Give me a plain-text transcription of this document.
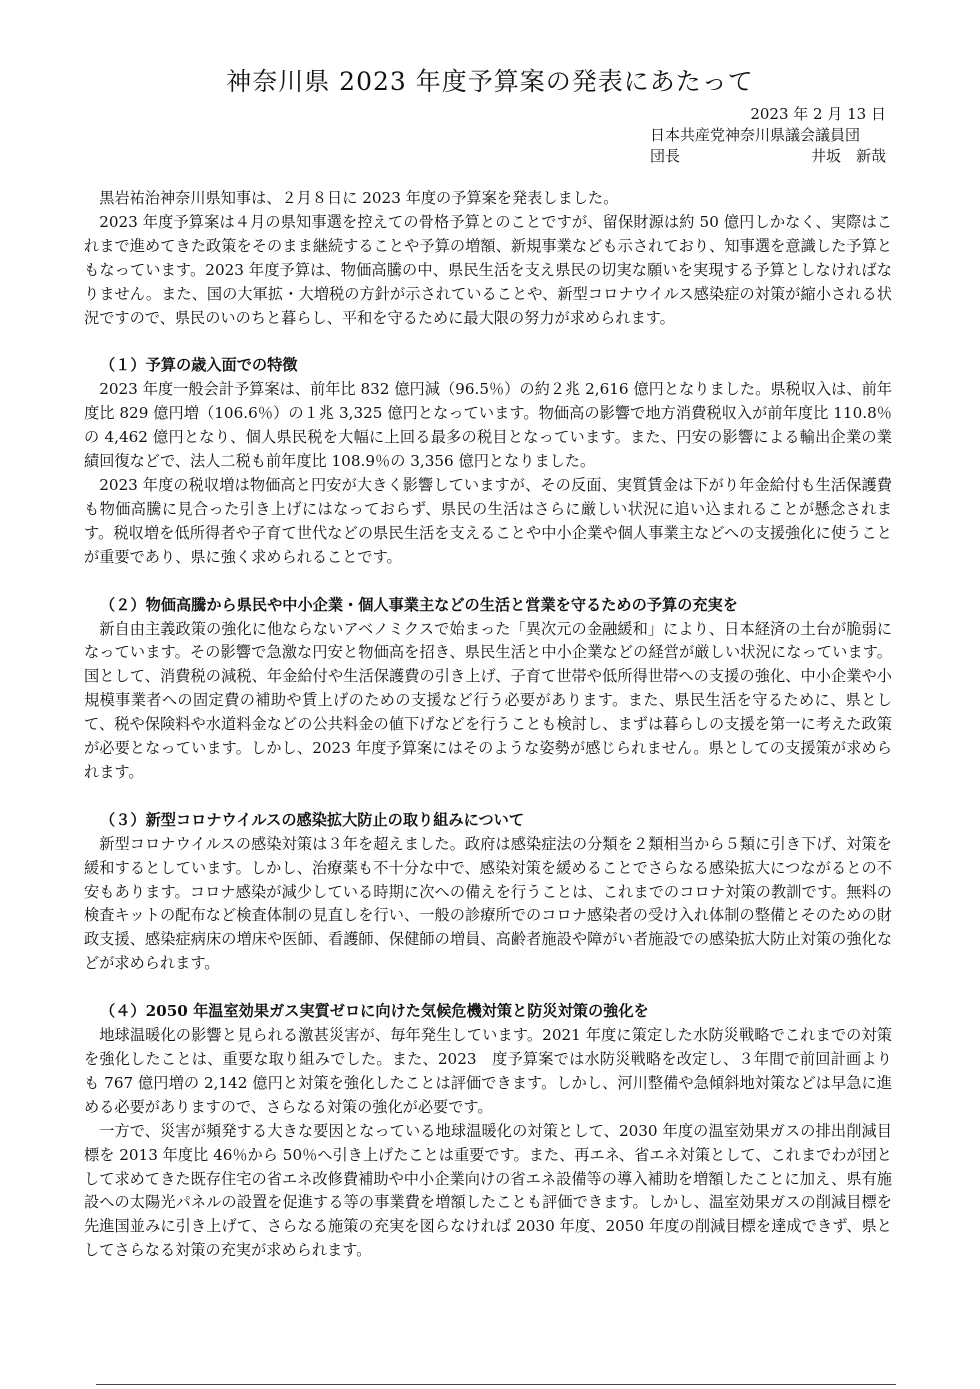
神奈川県 2023 年度予算案の発表にあたって
2023 年 2 月 13 日
日本共産党神奈川県議会議員団
団長	井坂　新哉

黒岩祐治神奈川県知事は、２月８日に 2023 年度の予算案を発表しました。

2023 年度予算案は４月の県知事選を控えての骨格予算とのことですが、留保財源は約 50 億円しかなく、実際はこれまで進めてきた政策をそのまま継続することや予算の増額、新規事業なども示されており、知事選を意識した予算ともなっています。2023 年度予算は、物価高騰の中、県民生活を支え県民の切実な願いを実現する予算としなければなりません。また、国の大軍拡・大増税の方針が示されていることや、新型コロナウイルス感染症の対策が縮小される状況ですので、県民のいのちと暮らし、平和を守るために最大限の努力が求められます。

（１）予算の歳入面での特徴

2023 年度一般会計予算案は、前年比 832 億円減（96.5％）の約２兆 2,616 億円となりました。県税収入は、前年度比 829 億円増（106.6％）の１兆 3,325 億円となっています。物価高の影響で地方消費税収入が前年度比 110.8％の 4,462 億円となり、個人県民税を大幅に上回る最多の税目となっています。また、円安の影響による輸出企業の業績回復などで、法人二税も前年度比 108.9％の 3,356 億円となりました。

2023 年度の税収増は物価高と円安が大きく影響していますが、その反面、実質賃金は下がり年金給付も生活保護費も物価高騰に見合った引き上げにはなっておらず、県民の生活はさらに厳しい状況に追い込まれることが懸念されます。税収増を低所得者や子育て世代などの県民生活を支えることや中小企業や個人事業主などへの支援強化に使うことが重要であり、県に強く求められることです。

（２）物価高騰から県民や中小企業・個人事業主などの生活と営業を守るための予算の充実を

新自由主義政策の強化に他ならないアベノミクスで始まった「異次元の金融緩和」により、日本経済の土台が脆弱になっています。その影響で急激な円安と物価高を招き、県民生活と中小企業などの経営が厳しい状況になっています。国として、消費税の減税、年金給付や生活保護費の引き上げ、子育て世帯や低所得世帯への支援の強化、中小企業や小規模事業者への固定費の補助や賃上げのための支援など行う必要があります。また、県民生活を守るために、県として、税や保険料や水道料金などの公共料金の値下げなどを行うことも検討し、まずは暮らしの支援を第一に考えた政策が必要となっています。しかし、2023 年度予算案にはそのような姿勢が感じられません。県としての支援策が求められます。

（３）新型コロナウイルスの感染拡大防止の取り組みについて

新型コロナウイルスの感染対策は３年を超えました。政府は感染症法の分類を２類相当から５類に引き下げ、対策を緩和するとしています。しかし、治療薬も不十分な中で、感染対策を緩めることでさらなる感染拡大につながるとの不安もあります。コロナ感染が減少している時期に次への備えを行うことは、これまでのコロナ対策の教訓です。無料の検査キットの配布など検査体制の見直しを行い、一般の診療所でのコロナ感染者の受け入れ体制の整備とそのための財政支援、感染症病床の増床や医師、看護師、保健師の増員、高齢者施設や障がい者施設での感染拡大防止対策の強化などが求められます。

（４）2050 年温室効果ガス実質ゼロに向けた気候危機対策と防災対策の強化を

地球温暖化の影響と見られる激甚災害が、毎年発生しています。2021 年度に策定した水防災戦略でこれまでの対策を強化したことは、重要な取り組みでした。また、2023　度予算案では水防災戦略を改定し、３年間で前回計画よりも 767 億円増の 2,142 億円と対策を強化したことは評価できます。しかし、河川整備や急傾斜地対策などは早急に進める必要がありますので、さらなる対策の強化が必要です。

一方で、災害が頻発する大きな要因となっている地球温暖化の対策として、2030 年度の温室効果ガスの排出削減目標を 2013 年度比 46％から 50％へ引き上げたことは重要です。また、再エネ、省エネ対策として、これまでわが団として求めてきた既存住宅の省エネ改修費補助や中小企業向けの省エネ設備等の導入補助を増額したことに加え、県有施設への太陽光パネルの設置を促進する等の事業費を増額したことも評価できます。しかし、温室効果ガスの削減目標を先進国並みに引き上げて、さらなる施策の充実を図らなければ 2030 年度、2050 年度の削減目標を達成できず、県としてさらなる対策の充実が求められます。
